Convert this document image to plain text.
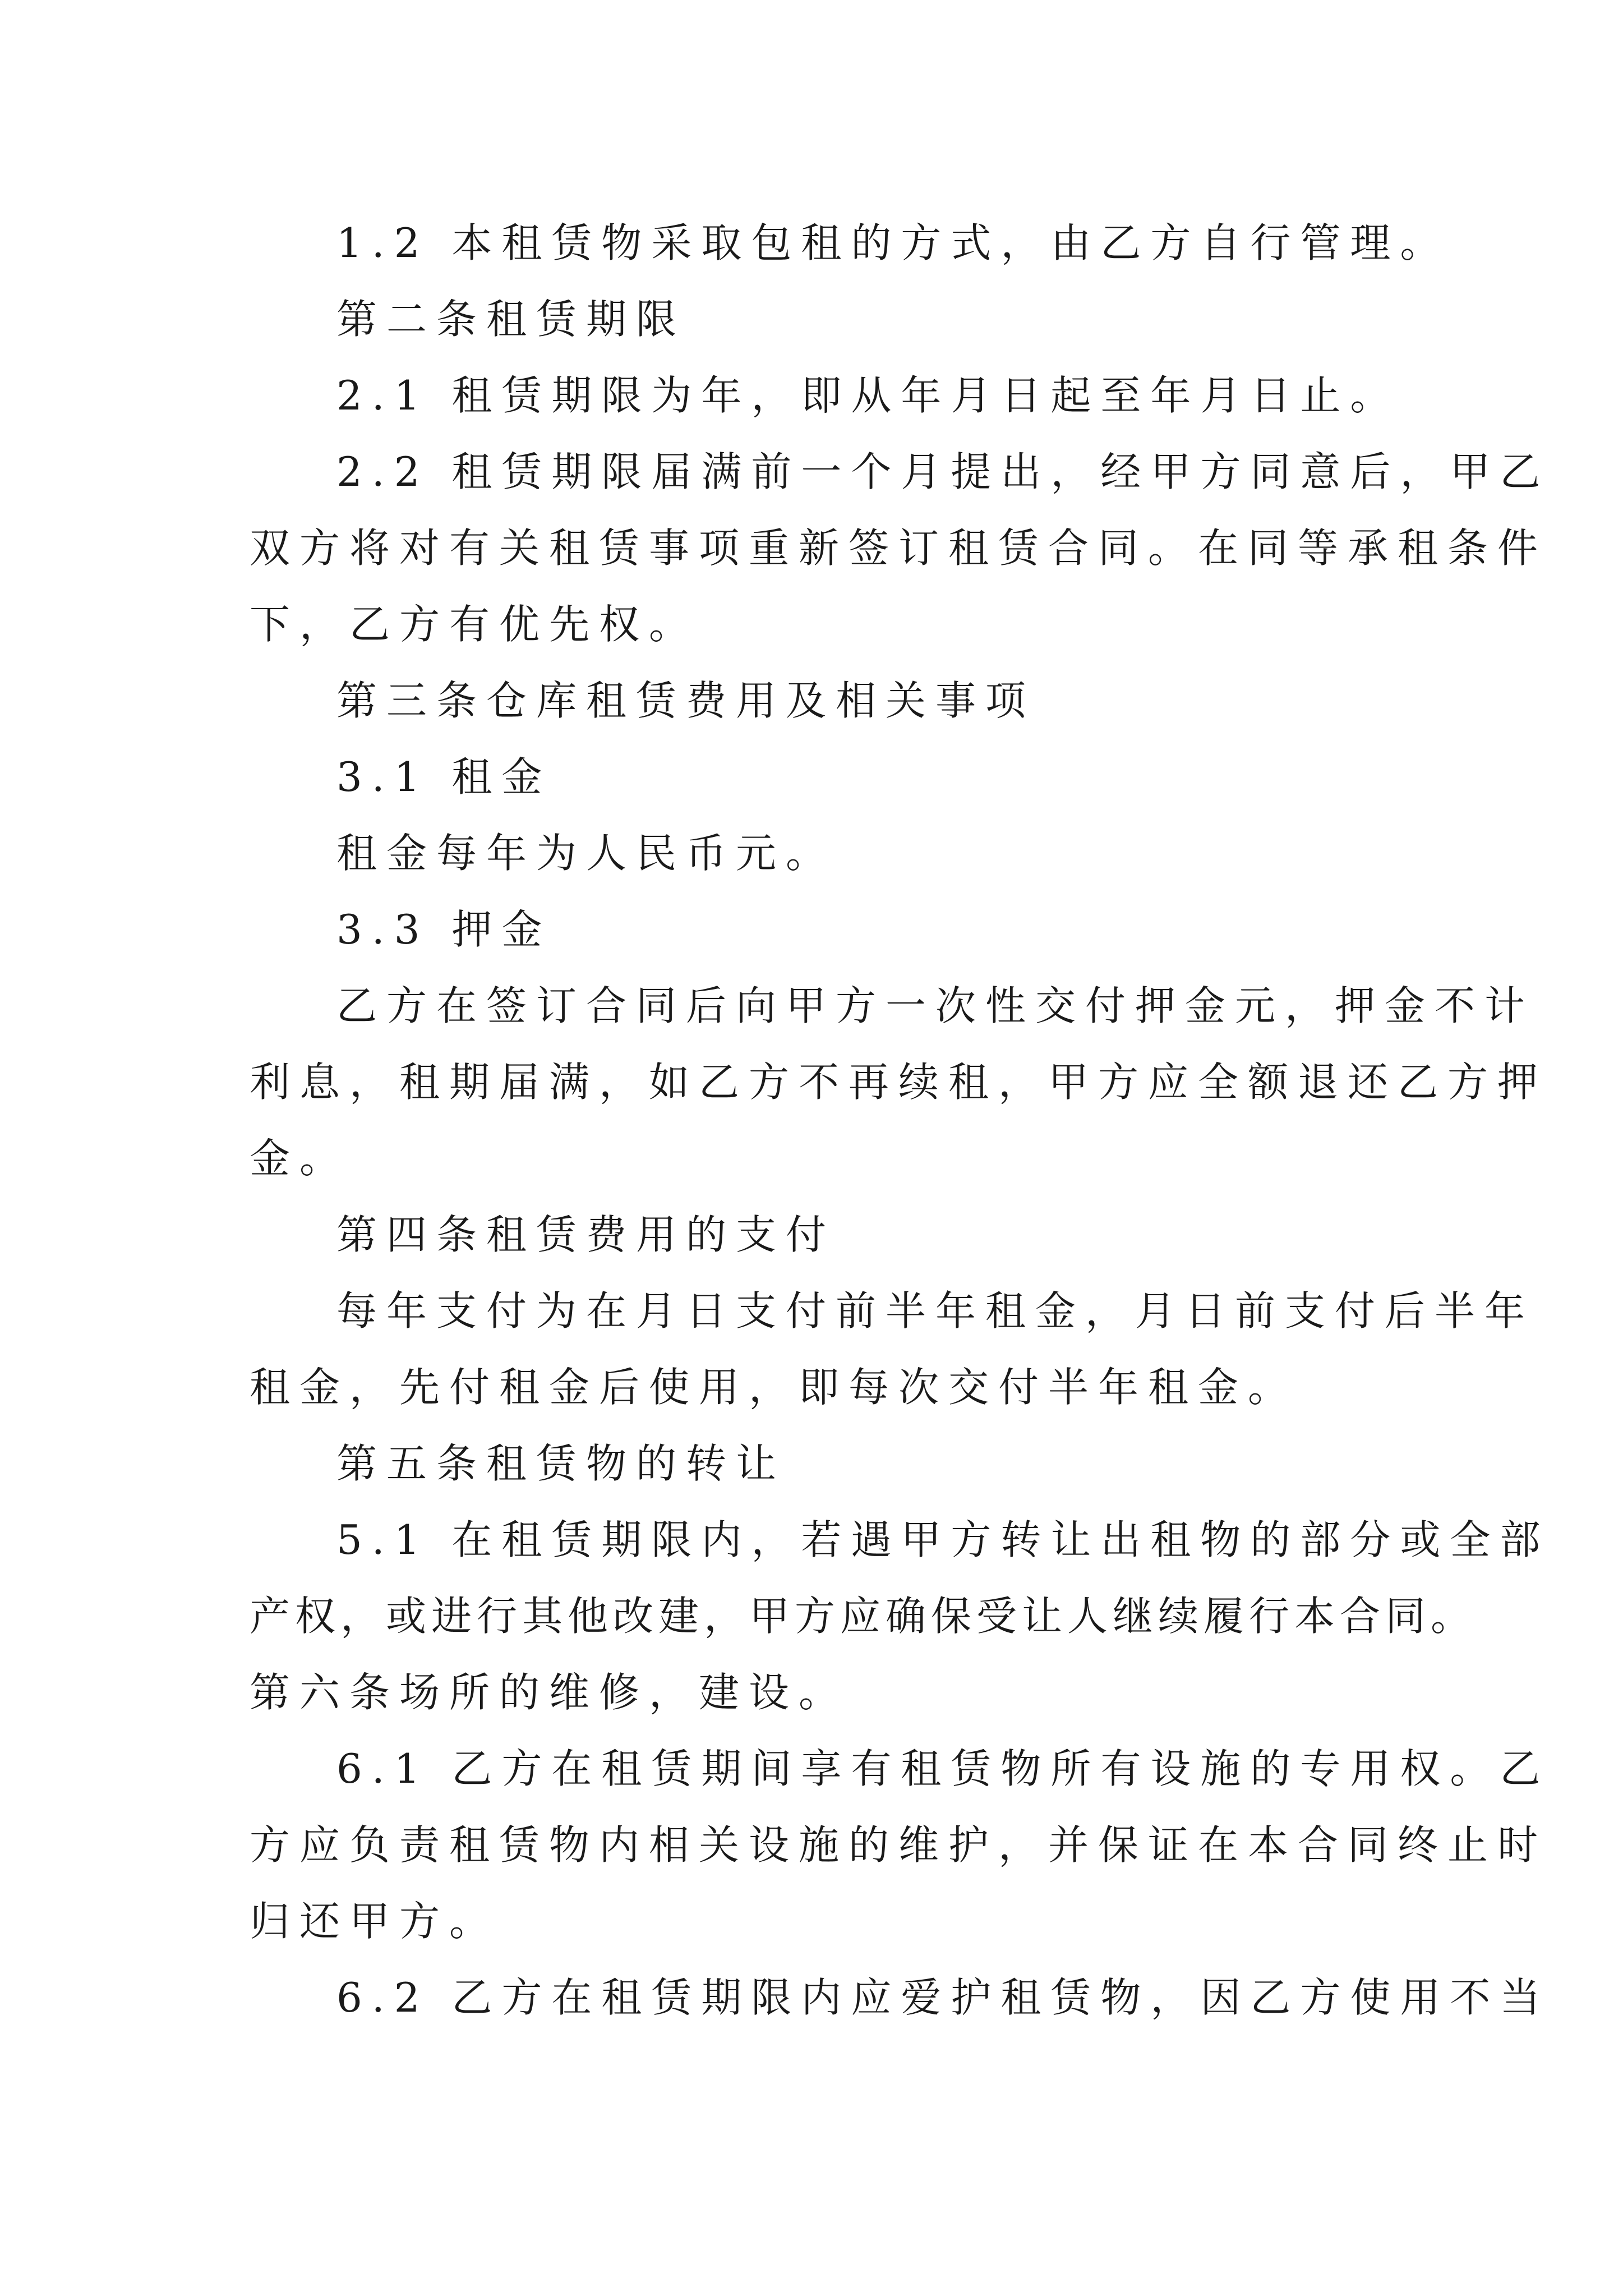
1.2 本租赁物采取包租的方式，由乙方自行管理。
第二条租赁期限
2.1 租赁期限为年，即从年月日起至年月日止。
2.2 租赁期限届满前一个月提出，经甲方同意后，甲乙
双方将对有关租赁事项重新签订租赁合同。在同等承租条件
下，乙方有优先权。
第三条仓库租赁费用及相关事项
3.1 租金
租金每年为人民币元。
3.3 押金
乙方在签订合同后向甲方一次性交付押金元，押金不计
利息，租期届满，如乙方不再续租，甲方应全额退还乙方押
金。
第四条租赁费用的支付
每年支付为在月日支付前半年租金，月日前支付后半年
租金，先付租金后使用，即每次交付半年租金。
第五条租赁物的转让
5.1 在租赁期限内，若遇甲方转让出租物的部分或全部
产权，或进行其他改建，甲方应确保受让人继续履行本合同。
第六条场所的维修，建设。
6.1 乙方在租赁期间享有租赁物所有设施的专用权。乙
方应负责租赁物内相关设施的维护，并保证在本合同终止时
归还甲方。
6.2 乙方在租赁期限内应爱护租赁物，因乙方使用不当
